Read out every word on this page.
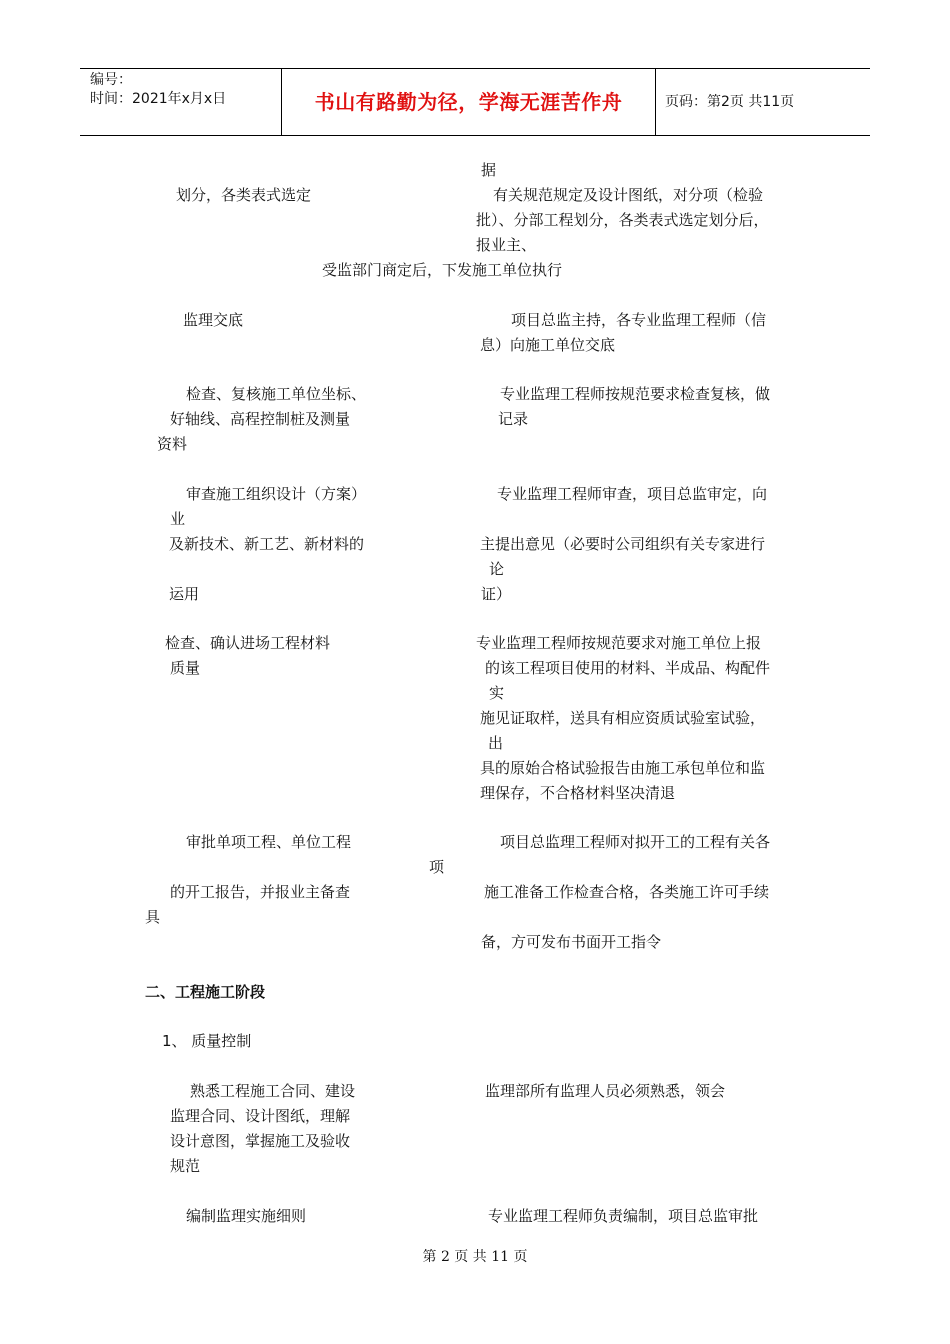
编号：
时间：2021年x月x日	书山有路勤为径，学海无涯苦作舟	页码：第2页 共11页
据
划分，各类表式选定	有关规范规定及设计图纸，对分项（检验
批）、分部工程划分，各类表式选定划分后，
报业主、
受监部门商定后，下发施工单位执行
监理交底	项目总监主持，各专业监理工程师（信
息）向施工单位交底
检查、复核施工单位坐标、	专业监理工程师按规范要求检查复核，做
好轴线、高程控制桩及测量	记录
资料
审查施工组织设计（方案）	专业监理工程师审查，项目总监审定，向
业
及新技术、新工艺、新材料的	主提出意见（必要时公司组织有关专家进行
论
运用	证）
检查、确认进场工程材料	专业监理工程师按规范要求对施工单位上报
质量	的该工程项目使用的材料、半成品、构配件
实
施见证取样，送具有相应资质试验室试验，
出
具的原始合格试验报告由施工承包单位和监
理保存，不合格材料坚决清退
审批单项工程、单位工程	项目总监理工程师对拟开工的工程有关各
项
的开工报告，并报业主备查	施工准备工作检查合格，各类施工许可手续
具
备，方可发布书面开工指令
二、工程施工阶段
1、 质量控制
熟悉工程施工合同、建设	监理部所有监理人员必须熟悉，领会
监理合同、设计图纸，理解
设计意图，掌握施工及验收
规范
编制监理实施细则	专业监理工程师负责编制，项目总监审批
第 2 页 共 11 页
